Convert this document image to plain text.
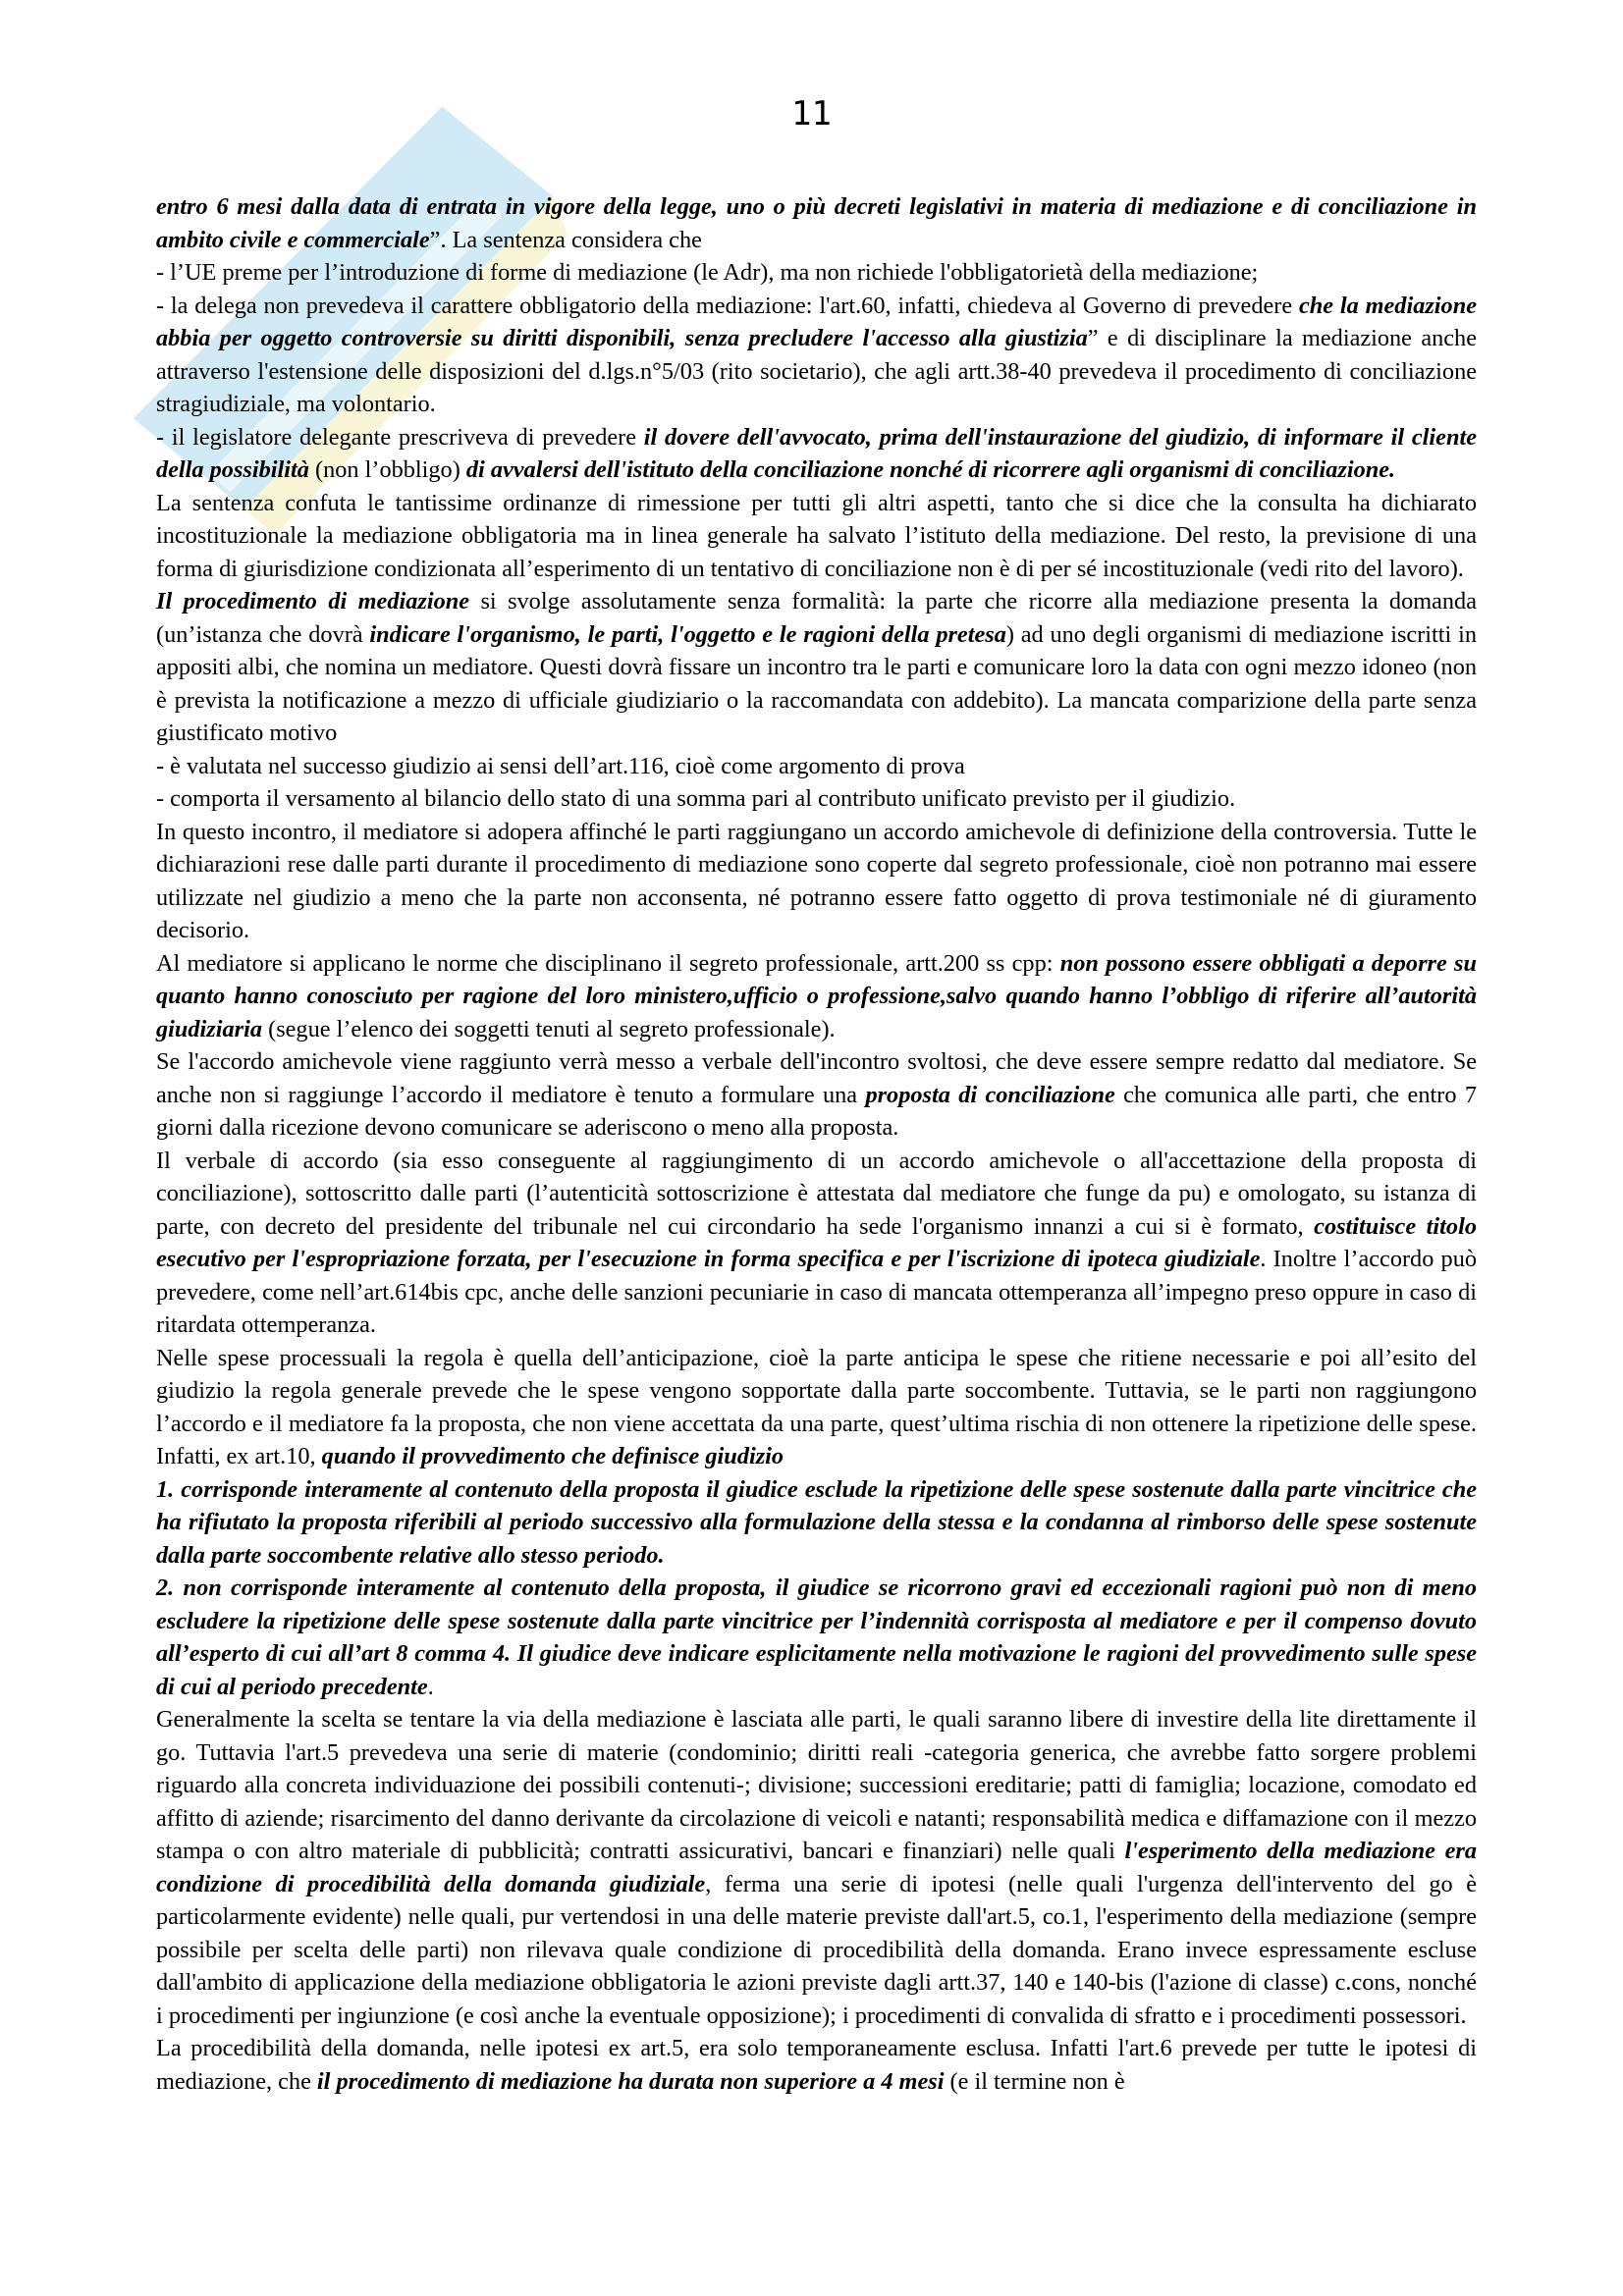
11

entro 6 mesi dalla data di entrata in vigore della legge, uno o più decreti legislativi in materia di mediazione e di conciliazione in ambito civile e commerciale”. La sentenza considera che

- l’UE preme per l’introduzione di forme di mediazione (le Adr), ma non richiede l'obbligatorietà della mediazione;

- la delega non prevedeva il carattere obbligatorio della mediazione: l'art.60, infatti, chiedeva al Governo di prevedere che la mediazione abbia per oggetto controversie su diritti disponibili, senza precludere l'accesso alla giustizia” e di disciplinare la mediazione anche attraverso l'estensione delle disposizioni del d.lgs.n°5/03 (rito societario), che agli artt.38-40 prevedeva il procedimento di conciliazione stragiudiziale, ma volontario.

- il legislatore delegante prescriveva di prevedere il dovere dell'avvocato, prima dell'instaurazione del giudizio, di informare il cliente della possibilità (non l’obbligo) di avvalersi dell'istituto della conciliazione nonché di ricorrere agli organismi di conciliazione.

La sentenza confuta le tantissime ordinanze di rimessione per tutti gli altri aspetti, tanto che si dice che la consulta ha dichiarato incostituzionale la mediazione obbligatoria ma in linea generale ha salvato l’istituto della mediazione. Del resto, la previsione di una forma di giurisdizione condizionata all’esperimento di un tentativo di conciliazione non è di per sé incostituzionale (vedi rito del lavoro).

Il procedimento di mediazione si svolge assolutamente senza formalità: la parte che ricorre alla mediazione presenta la domanda (un’istanza che dovrà indicare l'organismo, le parti, l'oggetto e le ragioni della pretesa) ad uno degli organismi di mediazione iscritti in appositi albi, che nomina un mediatore. Questi dovrà fissare un incontro tra le parti e comunicare loro la data con ogni mezzo idoneo (non è prevista la notificazione a mezzo di ufficiale giudiziario o la raccomandata con addebito). La mancata comparizione della parte senza giustificato motivo

- è valutata nel successo giudizio ai sensi dell’art.116, cioè come argomento di prova

- comporta il versamento al bilancio dello stato di una somma pari al contributo unificato previsto per il giudizio.

In questo incontro, il mediatore si adopera affinché le parti raggiungano un accordo amichevole di definizione della controversia. Tutte le dichiarazioni rese dalle parti durante il procedimento di mediazione sono coperte dal segreto professionale, cioè non potranno mai essere utilizzate nel giudizio a meno che la parte non acconsenta, né potranno essere fatto oggetto di prova testimoniale né di giuramento decisorio.

Al mediatore si applicano le norme che disciplinano il segreto professionale, artt.200 ss cpp: non possono essere obbligati a deporre su quanto hanno conosciuto per ragione del loro ministero,ufficio o professione,salvo quando hanno l’obbligo di riferire all’autorità giudiziaria (segue l’elenco dei soggetti tenuti al segreto professionale).

Se l'accordo amichevole viene raggiunto verrà messo a verbale dell'incontro svoltosi, che deve essere sempre redatto dal mediatore. Se anche non si raggiunge l’accordo il mediatore è tenuto a formulare una proposta di conciliazione che comunica alle parti, che entro 7 giorni dalla ricezione devono comunicare se aderiscono o meno alla proposta.

Il verbale di accordo (sia esso conseguente al raggiungimento di un accordo amichevole o all'accettazione della proposta di conciliazione), sottoscritto dalle parti (l’autenticità sottoscrizione è attestata dal mediatore che funge da pu) e omologato, su istanza di parte, con decreto del presidente del tribunale nel cui circondario ha sede l'organismo innanzi a cui si è formato, costituisce titolo esecutivo per l'espropriazione forzata, per l'esecuzione in forma specifica e per l'iscrizione di ipoteca giudiziale. Inoltre l’accordo può prevedere, come nell’art.614bis cpc, anche delle sanzioni pecuniarie in caso di mancata ottemperanza all’impegno preso oppure in caso di ritardata ottemperanza.

Nelle spese processuali la regola è quella dell’anticipazione, cioè la parte anticipa le spese che ritiene necessarie e poi all’esito del giudizio la regola generale prevede che le spese vengono sopportate dalla parte soccombente. Tuttavia, se le parti non raggiungono l’accordo e il mediatore fa la proposta, che non viene accettata da una parte, quest’ultima rischia di non ottenere la ripetizione delle spese. Infatti, ex art.10, quando il provvedimento che definisce giudizio

1. corrisponde interamente al contenuto della proposta il giudice esclude la ripetizione delle spese sostenute dalla parte vincitrice che ha rifiutato la proposta riferibili al periodo successivo alla formulazione della stessa e la condanna al rimborso delle spese sostenute dalla parte soccombente relative allo stesso periodo.

2. non corrisponde interamente al contenuto della proposta, il giudice se ricorrono gravi ed eccezionali ragioni può non di meno escludere la ripetizione delle spese sostenute dalla parte vincitrice per l’indennità corrisposta al mediatore e per il compenso dovuto all’esperto di cui all’art 8 comma 4. Il giudice deve indicare esplicitamente nella motivazione le ragioni del provvedimento sulle spese di cui al periodo precedente.

Generalmente la scelta se tentare la via della mediazione è lasciata alle parti, le quali saranno libere di investire della lite direttamente il go. Tuttavia l'art.5 prevedeva una serie di materie (condominio; diritti reali -categoria generica, che avrebbe fatto sorgere problemi riguardo alla concreta individuazione dei possibili contenuti-; divisione; successioni ereditarie; patti di famiglia; locazione, comodato ed affitto di aziende; risarcimento del danno derivante da circolazione di veicoli e natanti; responsabilità medica e diffamazione con il mezzo stampa o con altro materiale di pubblicità; contratti assicurativi, bancari e finanziari) nelle quali l'esperimento della mediazione era condizione di procedibilità della domanda giudiziale, ferma una serie di ipotesi (nelle quali l'urgenza dell'intervento del go è particolarmente evidente) nelle quali, pur vertendosi in una delle materie previste dall'art.5, co.1, l'esperimento della mediazione (sempre possibile per scelta delle parti) non rilevava quale condizione di procedibilità della domanda. Erano invece espressamente escluse dall'ambito di applicazione della mediazione obbligatoria le azioni previste dagli artt.37, 140 e 140-bis (l'azione di classe) c.cons, nonché i procedimenti per ingiunzione (e così anche la eventuale opposizione); i procedimenti di convalida di sfratto e i procedimenti possessori.

La procedibilità della domanda, nelle ipotesi ex art.5, era solo temporaneamente esclusa. Infatti l'art.6 prevede per tutte le ipotesi di mediazione, che il procedimento di mediazione ha durata non superiore a 4 mesi (e il termine non è
